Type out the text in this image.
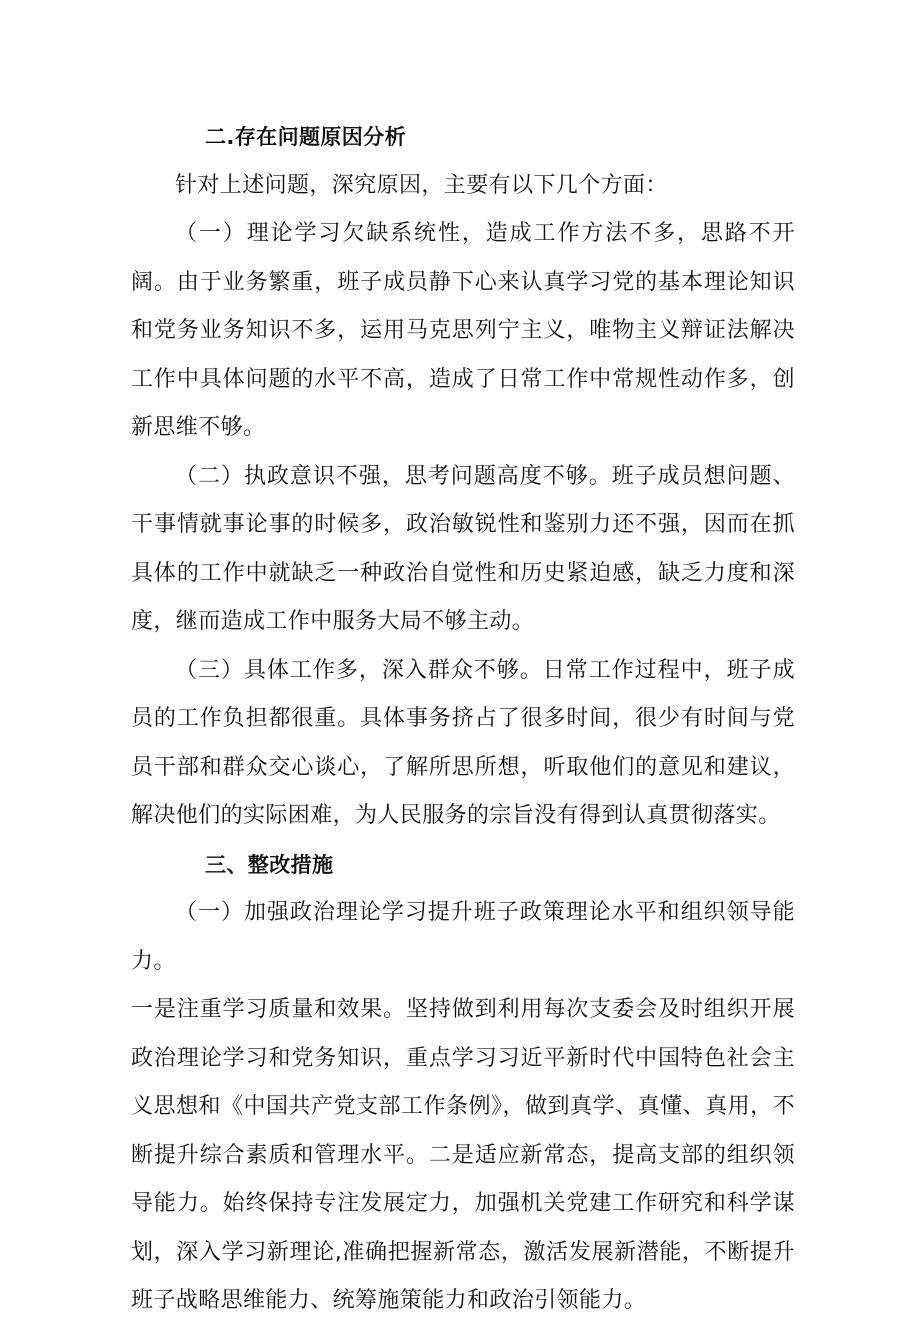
二.存在问题原因分析

针对上述问题，深究原因，主要有以下几个方面：

（一）理论学习欠缺系统性，造成工作方法不多，思路不开阔。由于业务繁重，班子成员静下心来认真学习党的基本理论知识和党务业务知识不多，运用马克思列宁主义，唯物主义辩证法解决工作中具体问题的水平不高，造成了日常工作中常规性动作多，创新思维不够。

（二）执政意识不强，思考问题高度不够。班子成员想问题、干事情就事论事的时候多，政治敏锐性和鉴别力还不强，因而在抓具体的工作中就缺乏一种政治自觉性和历史紧迫感，缺乏力度和深度，继而造成工作中服务大局不够主动。

（三）具体工作多，深入群众不够。日常工作过程中，班子成员的工作负担都很重。具体事务挤占了很多时间，很少有时间与党员干部和群众交心谈心，了解所思所想，听取他们的意见和建议，解决他们的实际困难，为人民服务的宗旨没有得到认真贯彻落实。

三、整改措施

（一）加强政治理论学习提升班子政策理论水平和组织领导能力。

一是注重学习质量和效果。坚持做到利用每次支委会及时组织开展政治理论学习和党务知识，重点学习习近平新时代中国特色社会主义思想和《中国共产党支部工作条例》，做到真学、真懂、真用，不断提升综合素质和管理水平。二是适应新常态，提高支部的组织领导能力。始终保持专注发展定力，加强机关党建工作研究和科学谋划，深入学习新理论,准确把握新常态，激活发展新潜能，不断提升班子战略思维能力、统筹施策能力和政治引领能力。
